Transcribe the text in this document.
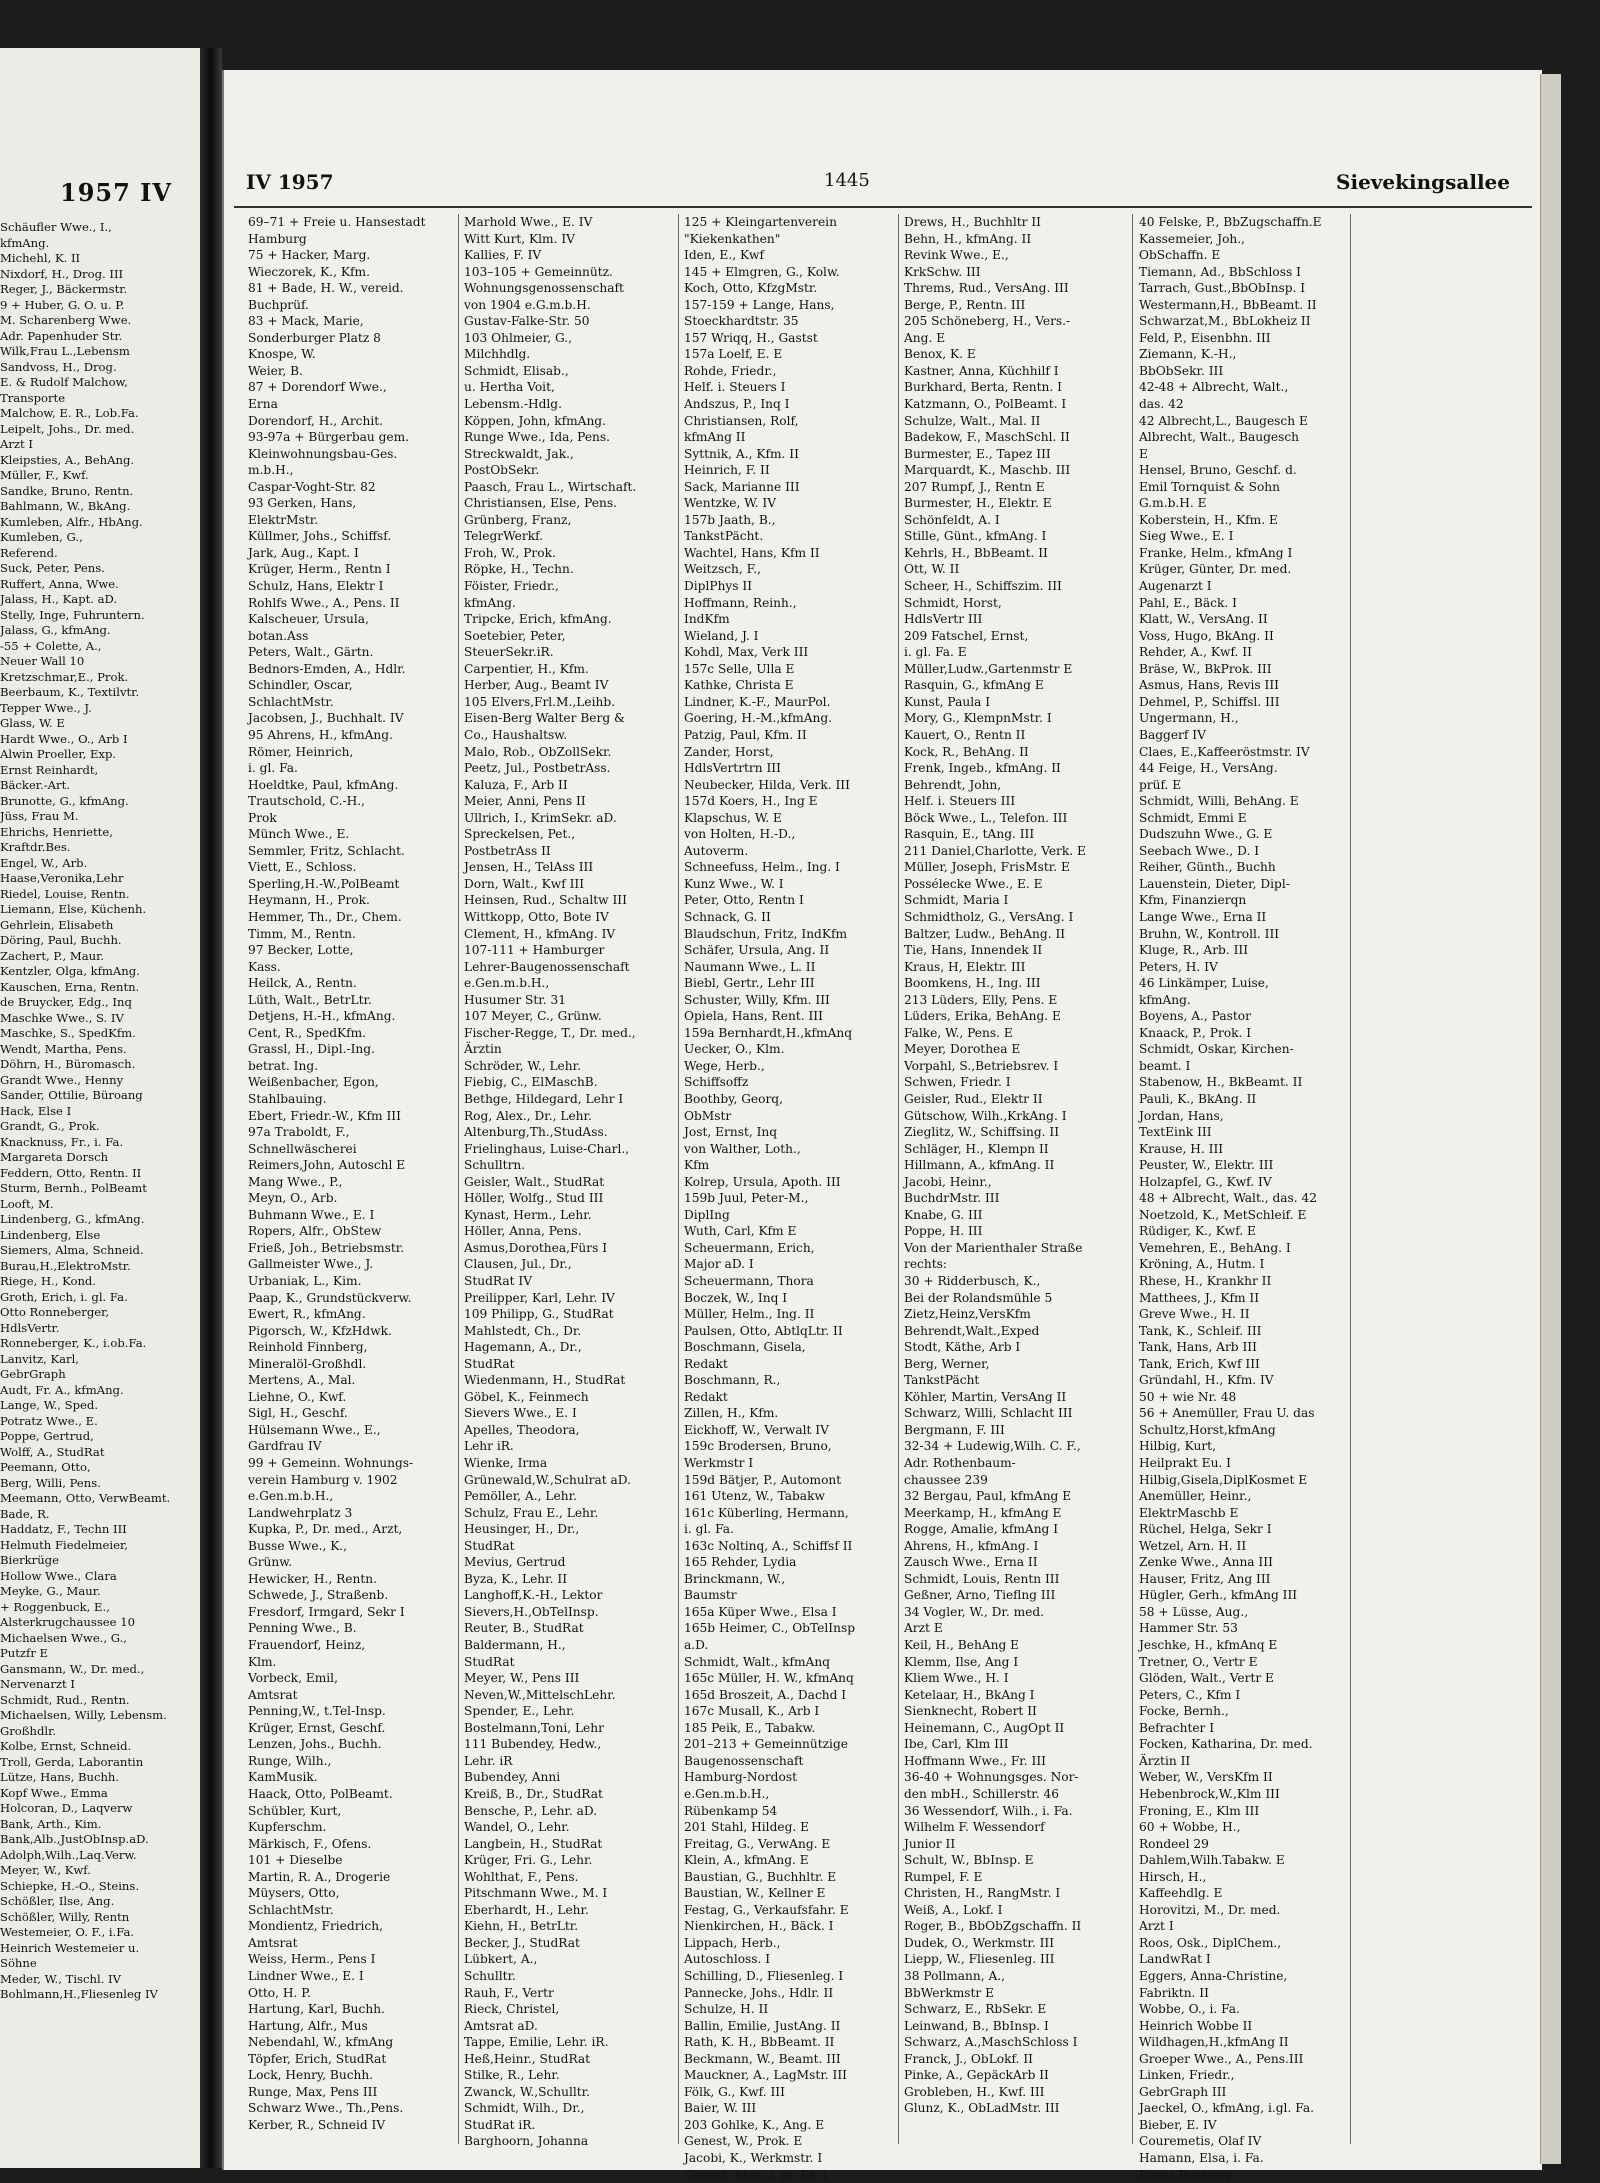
1957 IV
Schäufler Wwe., I.,
kfmAng.
Michehl, K. II
Nixdorf, H., Drog. III
Reger, J., Bäckermstr.
9 + Huber, G. O. u. P.
M. Scharenberg Wwe.
Adr. Papenhuder Str.
Wilk,Frau L.,Lebensm
Sandvoss, H., Drog.
E. & Rudolf Malchow,
Transporte
Malchow, E. R., Lob.Fa.
Leipelt, Johs., Dr. med.
Arzt I
Kleipsties, A., BehAng.
Müller, F., Kwf.
Sandke, Bruno, Rentn.
Bahlmann, W., BkAng.
Kumleben, Alfr., HbAng.
Kumleben, G.,
Referend.
Suck, Peter, Pens.
Ruffert, Anna, Wwe.
Jalass, H., Kapt. aD.
Stelly, Inge, Fuhruntern.
Jalass, G., kfmAng.
-55 + Colette, A.,
Neuer Wall 10
Kretzschmar,E., Prok.
Beerbaum, K., Textilvtr.
Tepper Wwe., J.
Glass, W. E
Hardt Wwe., O., Arb I
Alwin Proeller, Exp.
Ernst Reinhardt,
Bäcker.-Art.
Brunotte, G., kfmAng.
Jüss, Frau M.
Ehrichs, Henriette,
Kraftdr.Bes.
Engel, W., Arb.
Haase,Veronika,Lehr
Riedel, Louise, Rentn.
Liemann, Else, Küchenh.
Gehrlein, Elisabeth
Döring, Paul, Buchh.
Zachert, P., Maur.
Kentzler, Olga, kfmAng.
Kauschen, Erna, Rentn.
de Bruycker, Edg., Inq
Maschke Wwe., S. IV
Maschke, S., SpedKfm.
Wendt, Martha, Pens.
Döhrn, H., Büromasch.
Grandt Wwe., Henny
Sander, Ottilie, Büroang
Hack, Else I
Grandt, G., Prok.
Knacknuss, Fr., i. Fa.
Margareta Dorsch
Feddern, Otto, Rentn. II
Sturm, Bernh., PolBeamt
Looft, M.
Lindenberg, G., kfmAng.
Lindenberg, Else
Siemers, Alma, Schneid.
Burau,H.,ElektroMstr.
Riege, H., Kond.
Groth, Erich, i. gl. Fa.
Otto Ronneberger,
HdlsVertr.
Ronneberger, K., i.ob.Fa.
Lanvitz, Karl,
GebrGraph
Audt, Fr. A., kfmAng.
Lange, W., Sped.
Potratz Wwe., E.
Poppe, Gertrud,
Wolff, A., StudRat
Peemann, Otto,
Berg, Willi, Pens.
Meemann, Otto, VerwBeamt.
Bade, R.
Haddatz, F., Techn III
Helmuth Fiedelmeier,
Bierkrüge
Hollow Wwe., Clara
Meyke, G., Maur.
+ Roggenbuck, E.,
Alsterkrugchaussee 10
Michaelsen Wwe., G.,
Putzfr E
Gansmann, W., Dr. med.,
Nervenarzt I
Schmidt, Rud., Rentn.
Michaelsen, Willy, Lebensm.
Großhdlr.
Kolbe, Ernst, Schneid.
Troll, Gerda, Laborantin
Lütze, Hans, Buchh.
Kopf Wwe., Emma
Holcoran, D., Laqverw
Bank, Arth., Kim.
Bank,Alb.,JustObInsp.aD.
Adolph,Wilh.,Laq.Verw.
Meyer, W., Kwf.
Schiepke, H.-O., Steins.
Schößler, Ilse, Ang.
Schößler, Willy, Rentn
Westemeier, O. F., i.Fa.
Heinrich Westemeier u.
Söhne
Meder, W., Tischl. IV
Bohlmann,H.,Fliesenleg IV
IV 1957	1445	Sievekingsallee
69–71 + Freie u. Hansestadt
Hamburg
75 + Hacker, Marg.
Wieczorek, K., Kfm.
81 + Bade, H. W., vereid.
Buchprüf.
83 + Mack, Marie,
Sonderburger Platz 8
Knospe, W.
Weier, B.
87 + Dorendorf Wwe.,
Erna
Dorendorf, H., Archit.
93-97a + Bürgerbau gem.
Kleinwohnungsbau-Ges.
m.b.H.,
Caspar-Voght-Str. 82
93 Gerken, Hans,
ElektrMstr.
Küllmer, Johs., Schiffsf.
Jark, Aug., Kapt. I
Krüger, Herm., Rentn I
Schulz, Hans, Elektr I
Rohlfs Wwe., A., Pens. II
Kalscheuer, Ursula,
botan.Ass
Peters, Walt., Gärtn.
Bednors-Emden, A., Hdlr.
Schindler, Oscar,
SchlachtMstr.
Jacobsen, J., Buchhalt. IV
95 Ahrens, H., kfmAng.
Römer, Heinrich,
i. gl. Fa.
Hoeldtke, Paul, kfmAng.
Trautschold, C.-H.,
Prok
Münch Wwe., E.
Semmler, Fritz, Schlacht.
Viett, E., Schloss.
Sperling,H.-W.,PolBeamt
Heymann, H., Prok.
Hemmer, Th., Dr., Chem.
Timm, M., Rentn.
97 Becker, Lotte,
Kass.
Heilck, A., Rentn.
Lüth, Walt., BetrLtr.
Detjens, H.-H., kfmAng.
Cent, R., SpedKfm.
Grassl, H., Dipl.-Ing.
betrat. Ing.
Weißenbacher, Egon,
Stahlbauing.
Ebert, Friedr.-W., Kfm III
97a Traboldt, F.,
Schnellwäscherei
Reimers,John, Autoschl E
Mang Wwe., P.,
Meyn, O., Arb.
Buhmann Wwe., E. I
Ropers, Alfr., ObStew
Frieß, Joh., Betriebsmstr.
Gallmeister Wwe., J.
Urbaniak, L., Kim.
Paap, K., Grundstückverw.
Ewert, R., kfmAng.
Pigorsch, W., KfzHdwk.
Reinhold Finnberg,
Mineralöl-Großhdl.
Mertens, A., Mal.
Liehne, O., Kwf.
Sigl, H., Geschf.
Hülsemann Wwe., E.,
Gardfrau IV
99 + Gemeinn. Wohnungs-
verein Hamburg v. 1902
e.Gen.m.b.H.,
Landwehrplatz 3
Kupka, P., Dr. med., Arzt,
Busse Wwe., K.,
Grünw.
Hewicker, H., Rentn.
Schwede, J., Straßenb.
Fresdorf, Irmgard, Sekr I
Penning Wwe., B.
Frauendorf, Heinz,
Klm.
Vorbeck, Emil,
Amtsrat
Penning,W., t.Tel-Insp.
Krüger, Ernst, Geschf.
Lenzen, Johs., Buchh.
Runge, Wilh.,
KamMusik.
Haack, Otto, PolBeamt.
Schübler, Kurt,
Kupferschm.
Märkisch, F., Ofens.
101 + Dieselbe
Martin, R. A., Drogerie
Müysers, Otto,
SchlachtMstr.
Mondientz, Friedrich,
Amtsrat
Weiss, Herm., Pens I
Lindner Wwe., E. I
Otto, H. P.
Hartung, Karl, Buchh.
Hartung, Alfr., Mus
Nebendahl, W., kfmAng
Töpfer, Erich, StudRat
Lock, Henry, Buchh.
Runge, Max, Pens III
Schwarz Wwe., Th.,Pens.
Kerber, R., Schneid IV
Marhold Wwe., E. IV
Witt Kurt, Klm. IV
Kallies, F. IV
103–105 + Gemeinnütz.
Wohnungsgenossenschaft
von 1904 e.G.m.b.H.
Gustav-Falke-Str. 50
103 Ohlmeier, G.,
Milchhdlg.
Schmidt, Elisab.,
u. Hertha Voit,
Lebensm.-Hdlg.
Köppen, John, kfmAng.
Runge Wwe., Ida, Pens.
Streckwaldt, Jak.,
PostObSekr.
Paasch, Frau L., Wirtschaft.
Christiansen, Else, Pens.
Grünberg, Franz,
TelegrWerkf.
Froh, W., Prok.
Röpke, H., Techn.
Föister, Friedr.,
kfmAng.
Tripcke, Erich, kfmAng.
Soetebier, Peter,
SteuerSekr.iR.
Carpentier, H., Kfm.
Herber, Aug., Beamt IV
105 Elvers,Frl.M.,Leihb.
Eisen-Berg Walter Berg &
Co., Haushaltsw.
Malo, Rob., ObZollSekr.
Peetz, Jul., PostbetrAss.
Kaluza, F., Arb II
Meier, Anni, Pens II
Ullrich, I., KrimSekr. aD.
Spreckelsen, Pet.,
PostbetrAss II
Jensen, H., TelAss III
Dorn, Walt., Kwf III
Heinsen, Rud., Schaltw III
Wittkopp, Otto, Bote IV
Clement, H., kfmAng. IV
107-111 + Hamburger
Lehrer-Baugenossenschaft
e.Gen.m.b.H.,
Husumer Str. 31
107 Meyer, C., Grünw.
Fischer-Regge, T., Dr. med.,
Ärztin
Schröder, W., Lehr.
Fiebig, C., ElMaschB.
Bethge, Hildegard, Lehr I
Rog, Alex., Dr., Lehr.
Altenburg,Th.,StudAss.
Frielinghaus, Luise-Charl.,
Schulltrn.
Geisler, Walt., StudRat
Höller, Wolfg., Stud III
Kynast, Herm., Lehr.
Höller, Anna, Pens.
Asmus,Dorothea,Fürs I
Clausen, Jul., Dr.,
StudRat IV
Preilipper, Karl, Lehr. IV
109 Philipp, G., StudRat
Mahlstedt, Ch., Dr.
Hagemann, A., Dr.,
StudRat
Wiedenmann, H., StudRat
Göbel, K., Feinmech
Sievers Wwe., E. I
Apelles, Theodora,
Lehr iR.
Wienke, Irma
Grünewald,W.,Schulrat aD.
Pemöller, A., Lehr.
Schulz, Frau E., Lehr.
Heusinger, H., Dr.,
StudRat
Mevius, Gertrud
Byza, K., Lehr. II
Langhoff,K.-H., Lektor
Sievers,H.,ObTelInsp.
Reuter, B., StudRat
Baldermann, H.,
StudRat
Meyer, W., Pens III
Neven,W.,MittelschLehr.
Spender, E., Lehr.
Bostelmann,Toni, Lehr
111 Bubendey, Hedw.,
Lehr. iR
Bubendey, Anni
Kreiß, B., Dr., StudRat
Bensche, P., Lehr. aD.
Wandel, O., Lehr.
Langbein, H., StudRat
Krüger, Fri. G., Lehr.
Wohlthat, F., Pens.
Pitschmann Wwe., M. I
Eberhardt, H., Lehr.
Kiehn, H., BetrLtr.
Becker, J., StudRat
Lübkert, A.,
Schulltr.
Rauh, F., Vertr
Rieck, Christel,
Amtsrat aD.
Tappe, Emilie, Lehr. iR.
Heß,Heinr., StudRat
Stilke, R., Lehr.
Zwanck, W.,Schulltr.
Schmidt, Wilh., Dr.,
StudRat iR.
Barghoorn, Johanna
125 + Kleingartenverein
"Kiekenkathen"
Iden, E., Kwf
145 + Elmgren, G., Kolw.
Koch, Otto, KfzgMstr.
157-159 + Lange, Hans,
Stoeckhardtstr. 35
157 Wriqq, H., Gastst
157a Loelf, E. E
Rohde, Friedr.,
Helf. i. Steuers I
Andszus, P., Inq I
Christiansen, Rolf,
kfmAng II
Syttnik, A., Kfm. II
Heinrich, F. II
Sack, Marianne III
Wentzke, W. IV
157b Jaath, B.,
TankstPächt.
Wachtel, Hans, Kfm II
Weitzsch, F.,
DiplPhys II
Hoffmann, Reinh.,
IndKfm
Wieland, J. I
Kohdl, Max, Verk III
157c Selle, Ulla E
Kathke, Christa E
Lindner, K.-F., MaurPol.
Goering, H.-M.,kfmAng.
Patzig, Paul, Kfm. II
Zander, Horst,
HdlsVertrtrn III
Neubecker, Hilda, Verk. III
157d Koers, H., Ing E
Klapschus, W. E
von Holten, H.-D.,
Autoverm.
Schneefuss, Helm., Ing. I
Kunz Wwe., W. I
Peter, Otto, Rentn I
Schnack, G. II
Blaudschun, Fritz, IndKfm
Schäfer, Ursula, Ang. II
Naumann Wwe., L. II
Biebl, Gertr., Lehr III
Schuster, Willy, Kfm. III
Opiela, Hans, Rent. III
159a Bernhardt,H.,kfmAnq
Uecker, O., Klm.
Wege, Herb.,
Schiffsoffz
Boothby, Georq,
ObMstr
Jost, Ernst, Inq
von Walther, Loth.,
Kfm
Kolrep, Ursula, Apoth. III
159b Juul, Peter-M.,
DiplIng
Wuth, Carl, Kfm E
Scheuermann, Erich,
Major aD. I
Scheuermann, Thora
Boczek, W., Inq I
Müller, Helm., Ing. II
Paulsen, Otto, AbtlqLtr. II
Boschmann, Gisela,
Redakt
Boschmann, R.,
Redakt
Zillen, H., Kfm.
Eickhoff, W., Verwalt IV
159c Brodersen, Bruno,
Werkmstr I
159d Bätjer, P., Automont
161 Utenz, W., Tabakw
161c Küberling, Hermann,
i. gl. Fa.
163c Noltinq, A., Schiffsf II
165 Rehder, Lydia
Brinckmann, W.,
Baumstr
165a Küper Wwe., Elsa I
165b Heimer, C., ObTelInsp
a.D.
Schmidt, Walt., kfmAnq
165c Müller, H. W., kfmAnq
165d Broszeit, A., Dachd I
167c Musall, K., Arb I
185 Peik, E., Tabakw.
201–213 + Gemeinnützige
Baugenossenschaft
Hamburg-Nordost
e.Gen.m.b.H.,
Rübenkamp 54
201 Stahl, Hildeg. E
Freitag, G., VerwAng. E
Klein, A., kfmAng. E
Baustian, G., Buchhltr. E
Baustian, W., Kellner E
Festag, G., Verkaufsfahr. E
Nienkirchen, H., Bäck. I
Lippach, Herb.,
Autoschloss. I
Schilling, D., Fliesenleg. I
Pannecke, Johs., Hdlr. II
Schulze, H. II
Ballin, Emilie, JustAng. II
Rath, K. H., BbBeamt. II
Beckmann, W., Beamt. III
Mauckner, A., LagMstr. III
Fölk, G., Kwf. III
Baier, W. III
203 Gohlke, K., Ang. E
Genest, W., Prok. E
Jacobi, K., Werkmstr. I
Genest, Max, i. gl. Fa. I
Drews, H., Buchhltr II
Behn, H., kfmAng. II
Revink Wwe., E.,
KrkSchw. III
Threms, Rud., VersAng. III
Berge, P., Rentn. III
205 Schöneberg, H., Vers.-
Ang. E
Benox, K. E
Kastner, Anna, Küchhilf I
Burkhard, Berta, Rentn. I
Katzmann, O., PolBeamt. I
Schulze, Walt., Mal. II
Badekow, F., MaschSchl. II
Burmester, E., Tapez III
Marquardt, K., Maschb. III
207 Rumpf, J., Rentn E
Burmester, H., Elektr. E
Schönfeldt, A. I
Stille, Günt., kfmAng. I
Kehrls, H., BbBeamt. II
Ott, W. II
Scheer, H., Schiffszim. III
Schmidt, Horst,
HdlsVertr III
209 Fatschel, Ernst,
i. gl. Fa. E
Müller,Ludw.,Gartenmstr E
Rasquin, G., kfmAng E
Kunst, Paula I
Mory, G., KlempnMstr. I
Kauert, O., Rentn II
Kock, R., BehAng. II
Frenk, Ingeb., kfmAng. II
Behrendt, John,
Helf. i. Steuers III
Böck Wwe., L., Telefon. III
Rasquin, E., tAng. III
211 Daniel,Charlotte, Verk. E
Müller, Joseph, FrisMstr. E
Possélecke Wwe., E. E
Schmidt, Maria I
Schmidtholz, G., VersAng. I
Baltzer, Ludw., BehAng. II
Tie, Hans, Innendek II
Kraus, H, Elektr. III
Boomkens, H., Ing. III
213 Lüders, Elly, Pens. E
Lüders, Erika, BehAng. E
Falke, W., Pens. E
Meyer, Dorothea E
Vorpahl, S.,Betriebsrev. I
Schwen, Friedr. I
Geisler, Rud., Elektr II
Gütschow, Wilh.,KrkAng. I
Zieglitz, W., Schiffsing. II
Schläger, H., Klempn II
Hillmann, A., kfmAng. II
Jacobi, Heinr.,
BuchdrMstr. III
Knabe, G. III
Poppe, H. III
Von der Marienthaler Straße
rechts:
30 + Ridderbusch, K.,
Bei der Rolandsmühle 5
Zietz,Heinz,VersKfm
Behrendt,Walt.,Exped
Stodt, Käthe, Arb I
Berg, Werner,
TankstPächt
Köhler, Martin, VersAng II
Schwarz, Willi, Schlacht III
Bergmann, F. III
32-34 + Ludewig,Wilh. C. F.,
Adr. Rothenbaum-
chaussee 239
32 Bergau, Paul, kfmAng E
Meerkamp, H., kfmAng E
Rogge, Amalie, kfmAng I
Ahrens, H., kfmAng. I
Zausch Wwe., Erna II
Schmidt, Louis, Rentn III
Geßner, Arno, Tieflng III
34 Vogler, W., Dr. med.
Arzt E
Keil, H., BehAng E
Klemm, Ilse, Ang I
Kliem Wwe., H. I
Ketelaar, H., BkAng I
Sienknecht, Robert II
Heinemann, C., AugOpt II
Ibe, Carl, Klm III
Hoffmann Wwe., Fr. III
36-40 + Wohnungsges. Nor-
den mbH., Schillerstr. 46
36 Wessendorf, Wilh., i. Fa.
Wilhelm F. Wessendorf
Junior II
Schult, W., BbInsp. E
Rumpel, F. E
Christen, H., RangMstr. I
Weiß, A., Lokf. I
Roger, B., BbObZgschaffn. II
Dudek, O., Werkmstr. III
Liepp, W., Fliesenleg. III
38 Pollmann, A.,
BbWerkmstr E
Schwarz, E., RbSekr. E
Leinwand, B., BbInsp. I
Schwarz, A.,MaschSchloss I
Franck, J., ObLokf. II
Pinke, A., GepäckArb II
Grobleben, H., Kwf. III
Glunz, K., ObLadMstr. III
40 Felske, P., BbZugschaffn.E
Kassemeier, Joh.,
ObSchaffn. E
Tiemann, Ad., BbSchloss I
Tarrach, Gust.,BbObInsp. I
Westermann,H., BbBeamt. II
Schwarzat,M., BbLokheiz II
Feld, P., Eisenbhn. III
Ziemann, K.-H.,
BbObSekr. III
42-48 + Albrecht, Walt.,
das. 42
42 Albrecht,L., Baugesch E
Albrecht, Walt., Baugesch
E
Hensel, Bruno, Geschf. d.
Emil Tornquist & Sohn
G.m.b.H. E
Koberstein, H., Kfm. E
Sieg Wwe., E. I
Franke, Helm., kfmAng I
Krüger, Günter, Dr. med.
Augenarzt I
Pahl, E., Bäck. I
Klatt, W., VersAng. II
Voss, Hugo, BkAng. II
Rehder, A., Kwf. II
Bräse, W., BkProk. III
Asmus, Hans, Revis III
Dehmel, P., Schiffsl. III
Ungermann, H.,
Baggerf IV
Claes, E.,Kaffeeröstmstr. IV
44 Feige, H., VersAng.
prüf. E
Schmidt, Willi, BehAng. E
Schmidt, Emmi E
Dudszuhn Wwe., G. E
Seebach Wwe., D. I
Reiher, Günth., Buchh
Lauenstein, Dieter, Dipl-
Kfm, Finanzierqn
Lange Wwe., Erna II
Bruhn, W., Kontroll. III
Kluge, R., Arb. III
Peters, H. IV
46 Linkämper, Luise,
kfmAng.
Boyens, A., Pastor
Knaack, P., Prok. I
Schmidt, Oskar, Kirchen-
beamt. I
Stabenow, H., BkBeamt. II
Pauli, K., BkAng. II
Jordan, Hans,
TextEink III
Krause, H. III
Peuster, W., Elektr. III
Holzapfel, G., Kwf. IV
48 + Albrecht, Walt., das. 42
Noetzold, K., MetSchleif. E
Rüdiger, K., Kwf. E
Vemehren, E., BehAng. I
Kröning, A., Hutm. I
Rhese, H., Krankhr II
Matthees, J., Kfm II
Greve Wwe., H. II
Tank, K., Schleif. III
Tank, Hans, Arb III
Tank, Erich, Kwf III
Gründahl, H., Kfm. IV
50 + wie Nr. 48
56 + Anemüller, Frau U. das
Schultz,Horst,kfmAng
Hilbig, Kurt,
Heilprakt Eu. I
Hilbig,Gisela,DiplKosmet E
Anemüller, Heinr.,
ElektrMaschb E
Rüchel, Helga, Sekr I
Wetzel, Arn. H. II
Zenke Wwe., Anna III
Hauser, Fritz, Ang III
Hügler, Gerh., kfmAng III
58 + Lüsse, Aug.,
Hammer Str. 53
Jeschke, H., kfmAnq E
Tretner, O., Vertr E
Glöden, Walt., Vertr E
Peters, C., Kfm I
Focke, Bernh.,
Befrachter I
Focken, Katharina, Dr. med.
Ärztin II
Weber, W., VersKfm II
Hebenbrock,W.,Klm III
Froning, E., Klm III
60 + Wobbe, H.,
Rondeel 29
Dahlem,Wilh.Tabakw. E
Hirsch, H.,
Kaffeehdlg. E
Horovitzi, M., Dr. med.
Arzt I
Roos, Osk., DiplChem.,
LandwRat I
Eggers, Anna-Christine,
Fabriktn. II
Wobbe, O., i. Fa.
Heinrich Wobbe II
Wildhagen,H.,kfmAng II
Groeper Wwe., A., Pens.III
Linken, Friedr.,
GebrGraph III
Jaeckel, O., kfmAng, i.gl. Fa.
Bieber, E. IV
Couremetis, Olaf IV
Hamann, Elsa, i. Fa.
Franz Buchner
